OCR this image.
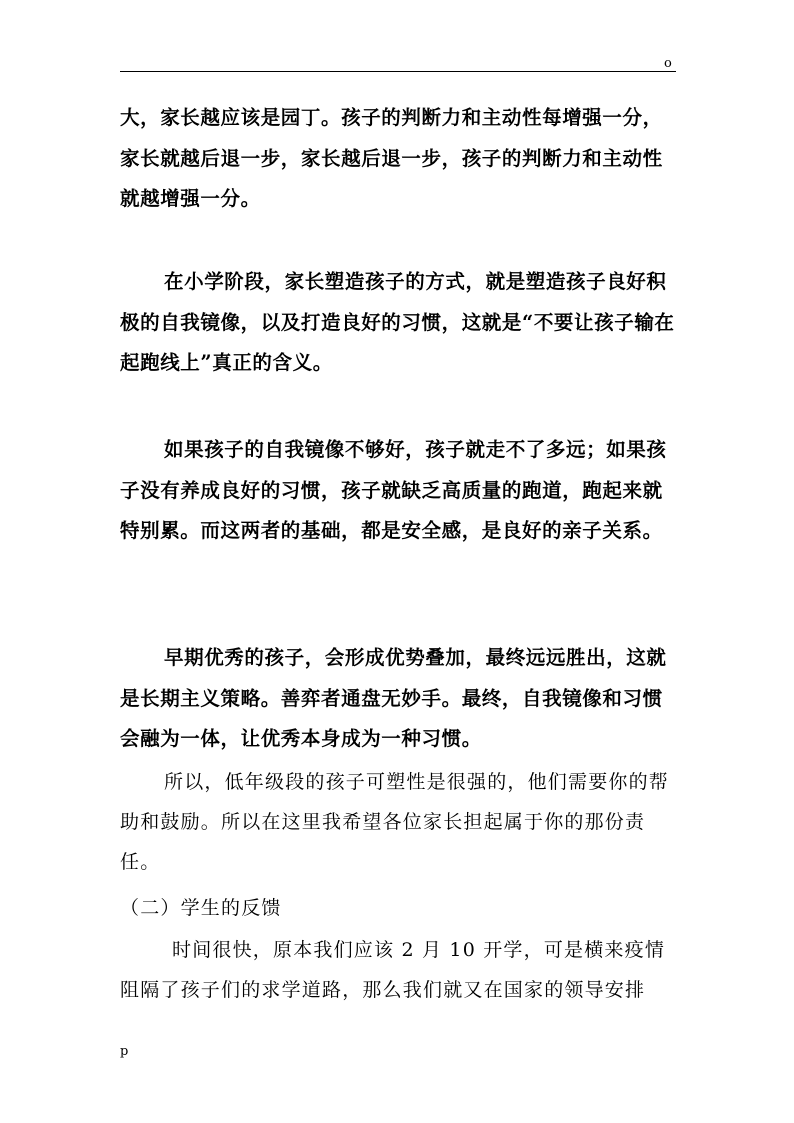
o

大，家长越应该是园丁。孩子的判断力和主动性每增强一分，家长就越后退一步，家长越后退一步，孩子的判断力和主动性就越增强一分。

在小学阶段，家长塑造孩子的方式，就是塑造孩子良好积极的自我镜像，以及打造良好的习惯，这就是“不要让孩子输在起跑线上”真正的含义。

如果孩子的自我镜像不够好，孩子就走不了多远；如果孩子没有养成良好的习惯，孩子就缺乏高质量的跑道，跑起来就特别累。而这两者的基础，都是安全感，是良好的亲子关系。

早期优秀的孩子，会形成优势叠加，最终远远胜出，这就是长期主义策略。善弈者通盘无妙手。最终，自我镜像和习惯会融为一体，让优秀本身成为一种习惯。

所以，低年级段的孩子可塑性是很强的，他们需要你的帮助和鼓励。所以在这里我希望各位家长担起属于你的那份责任。

（二）学生的反馈

时间很快，原本我们应该 2 月 10 开学，可是横来疫情阻隔了孩子们的求学道路，那么我们就又在国家的领导安排

p
